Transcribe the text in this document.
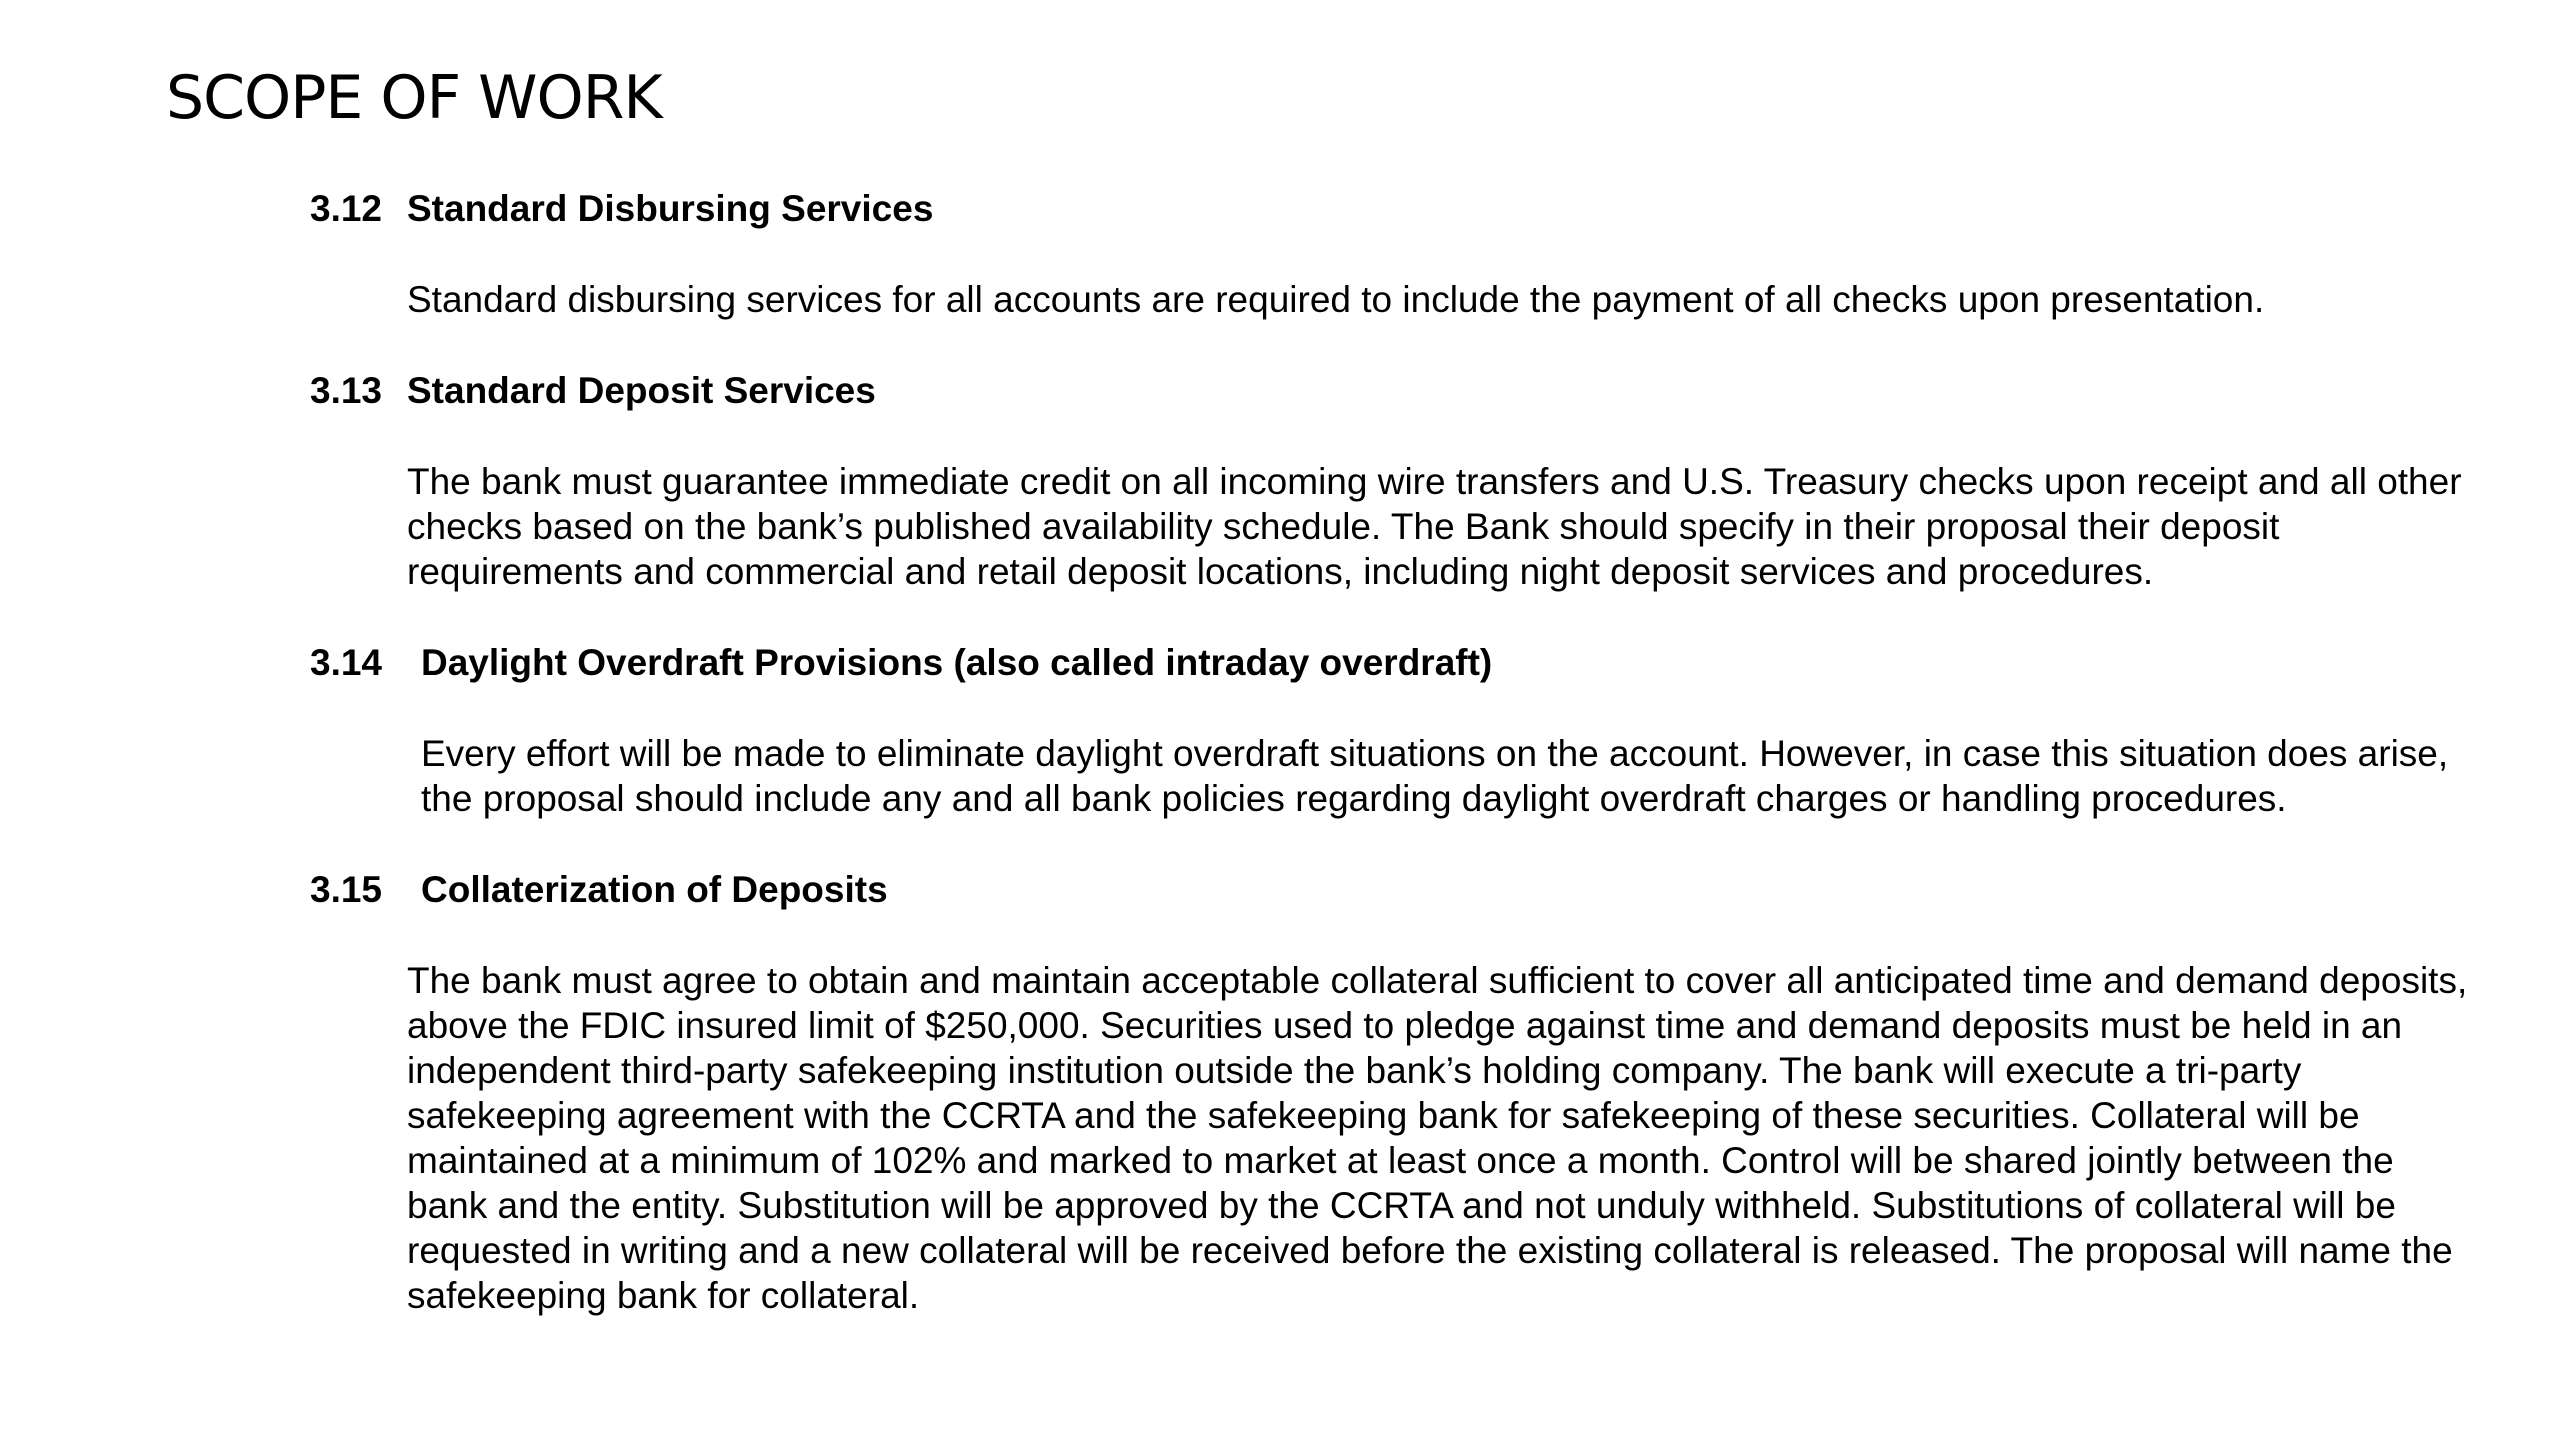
SCOPE OF WORK
3.12 Standard Disbursing Services
Standard disbursing services for all accounts are required to include the payment of all checks upon presentation.
3.13 Standard Deposit Services
The bank must guarantee immediate credit on all incoming wire transfers and U.S. Treasury checks upon receipt and all other
checks based on the bank’s published availability schedule. The Bank should specify in their proposal their deposit
requirements and commercial and retail deposit locations, including night deposit services and procedures.
3.14 Daylight Overdraft Provisions (also called intraday overdraft)
Every effort will be made to eliminate daylight overdraft situations on the account. However, in case this situation does arise,
the proposal should include any and all bank policies regarding daylight overdraft charges or handling procedures.
3.15 Collaterization of Deposits
The bank must agree to obtain and maintain acceptable collateral sufficient to cover all anticipated time and demand deposits,
above the FDIC insured limit of $250,000. Securities used to pledge against time and demand deposits must be held in an
independent third-party safekeeping institution outside the bank’s holding company. The bank will execute a tri-party
safekeeping agreement with the CCRTA and the safekeeping bank for safekeeping of these securities. Collateral will be
maintained at a minimum of 102% and marked to market at least once a month. Control will be shared jointly between the
bank and the entity. Substitution will be approved by the CCRTA and not unduly withheld. Substitutions of collateral will be
requested in writing and a new collateral will be received before the existing collateral is released. The proposal will name the
safekeeping bank for collateral.
